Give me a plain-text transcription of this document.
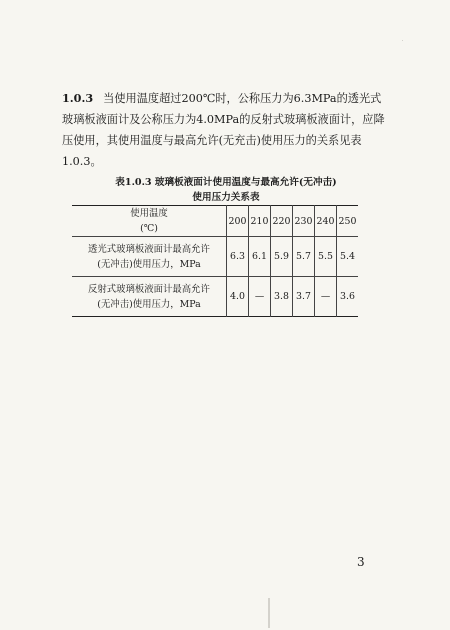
1.0.3 当使用温度超过200℃时，公称压力为6.3MPa的透光式玻璃板液面计及公称压力为4.0MPa的反射式玻璃板液面计，应降压使用，其使用温度与最高允许(无充击)使用压力的关系见表1.0.3。

表1.0.3 玻璃板液面计使用温度与最高允许(无冲击)
使用压力关系表
使用温度
(℃)	200	210	220	230	240	250

透光式玻璃板液面计最高允许
(无冲击)使用压力，MPa	6.3	6.1	5.9	5.7	5.5	5.4

反射式玻璃板液面计最高允许
(无冲击)使用压力，MPa	4.0	—	3.8	3.7	—	3.6
3
